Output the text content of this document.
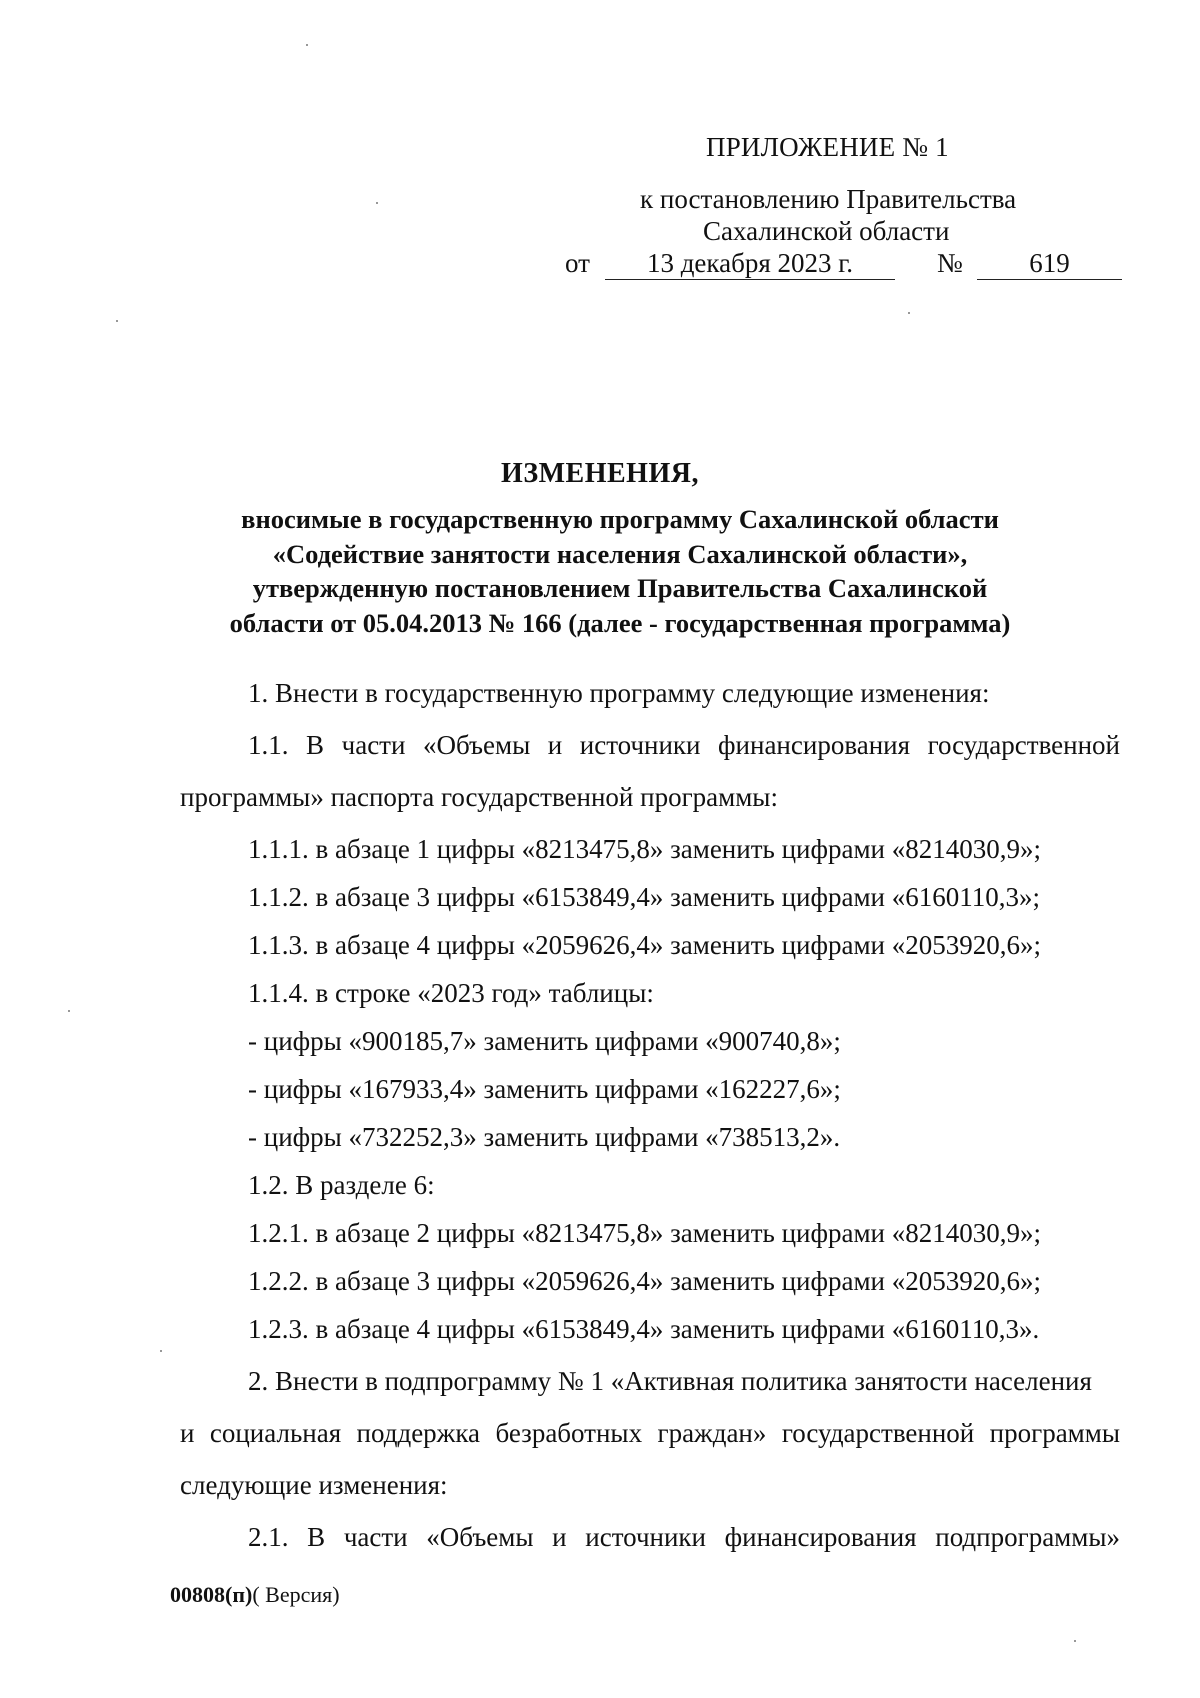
ПРИЛОЖЕНИЕ № 1
к постановлению Правительства
Сахалинской области
от	13 декабря 2023 г.	№	619
ИЗМЕНЕНИЯ,
вносимые в государственную программу Сахалинской области
«Содействие занятости населения Сахалинской области»,
утвержденную постановлением Правительства Сахалинской
области от 05.04.2013 № 166 (далее - государственная программа)
1. Внести в государственную программу следующие изменения:
1.1. В части «Объемы и источники финансирования государственной
программы» паспорта государственной программы:
1.1.1. в абзаце 1 цифры «8213475,8» заменить цифрами «8214030,9»;
1.1.2. в абзаце 3 цифры «6153849,4» заменить цифрами «6160110,3»;
1.1.3. в абзаце 4 цифры «2059626,4» заменить цифрами «2053920,6»;
1.1.4. в строке «2023 год» таблицы:
- цифры «900185,7» заменить цифрами «900740,8»;
- цифры «167933,4» заменить цифрами «162227,6»;
- цифры «732252,3» заменить цифрами «738513,2».
1.2. В разделе 6:
1.2.1. в абзаце 2 цифры «8213475,8» заменить цифрами «8214030,9»;
1.2.2. в абзаце 3 цифры «2059626,4» заменить цифрами «2053920,6»;
1.2.3. в абзаце 4 цифры «6153849,4» заменить цифрами «6160110,3».
2. Внести в подпрограмму № 1 «Активная политика занятости населения
и социальная поддержка безработных граждан» государственной программы
следующие изменения:
2.1. В части «Объемы и источники финансирования подпрограммы»
00808(п)( Версия)
